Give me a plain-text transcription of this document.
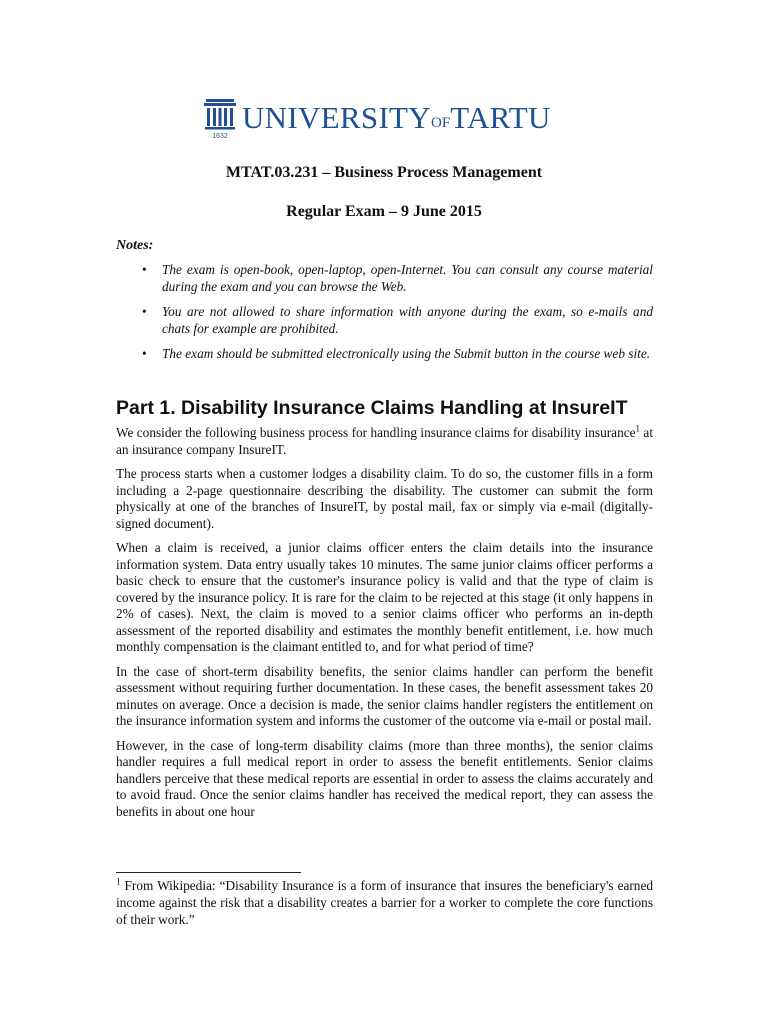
1632
UNIVERSITYOFTARTU
MTAT.03.231 – Business Process Management
Regular Exam – 9 June 2015
Notes:
• The exam is open-book, open-laptop, open-Internet. You can consult any course material during the exam and you can browse the Web.
• You are not allowed to share information with anyone during the exam, so e-mails and chats for example are prohibited.
• The exam should be submitted electronically using the Submit button in the course web site.
Part 1. Disability Insurance Claims Handling at InsureIT

We consider the following business process for handling insurance claims for disability insurance$^1$ at an insurance company InsureIT.

The process starts when a customer lodges a disability claim. To do so, the customer fills in a form including a 2-page questionnaire describing the disability. The customer can submit the form physically at one of the branches of InsureIT, by postal mail, fax or simply via e-mail (digitally-signed document).

When a claim is received, a junior claims officer enters the claim details into the insurance information system. Data entry usually takes 10 minutes. The same junior claims officer performs a basic check to ensure that the customer's insurance policy is valid and that the type of claim is covered by the insurance policy. It is rare for the claim to be rejected at this stage (it only happens in 2% of cases). Next, the claim is moved to a senior claims officer who performs an in-depth assessment of the reported disability and estimates the monthly benefit entitlement, i.e. how much monthly compensation is the claimant entitled to, and for what period of time?

In the case of short-term disability benefits, the senior claims handler can perform the benefit assessment without requiring further documentation. In these cases, the benefit assessment takes 20 minutes on average. Once a decision is made, the senior claims handler registers the entitlement on the insurance information system and informs the customer of the outcome via e-mail or postal mail.

However, in the case of long-term disability claims (more than three months), the senior claims handler requires a full medical report in order to assess the benefit entitlements. Senior claims handlers perceive that these medical reports are essential in order to assess the claims accurately and to avoid fraud. Once the senior claims handler has received the medical report, they can assess the benefits in about one hour

$^1$ From Wikipedia: “Disability Insurance is a form of insurance that insures the beneficiary's earned income against the risk that a disability creates a barrier for a worker to complete the core functions of their work.”
